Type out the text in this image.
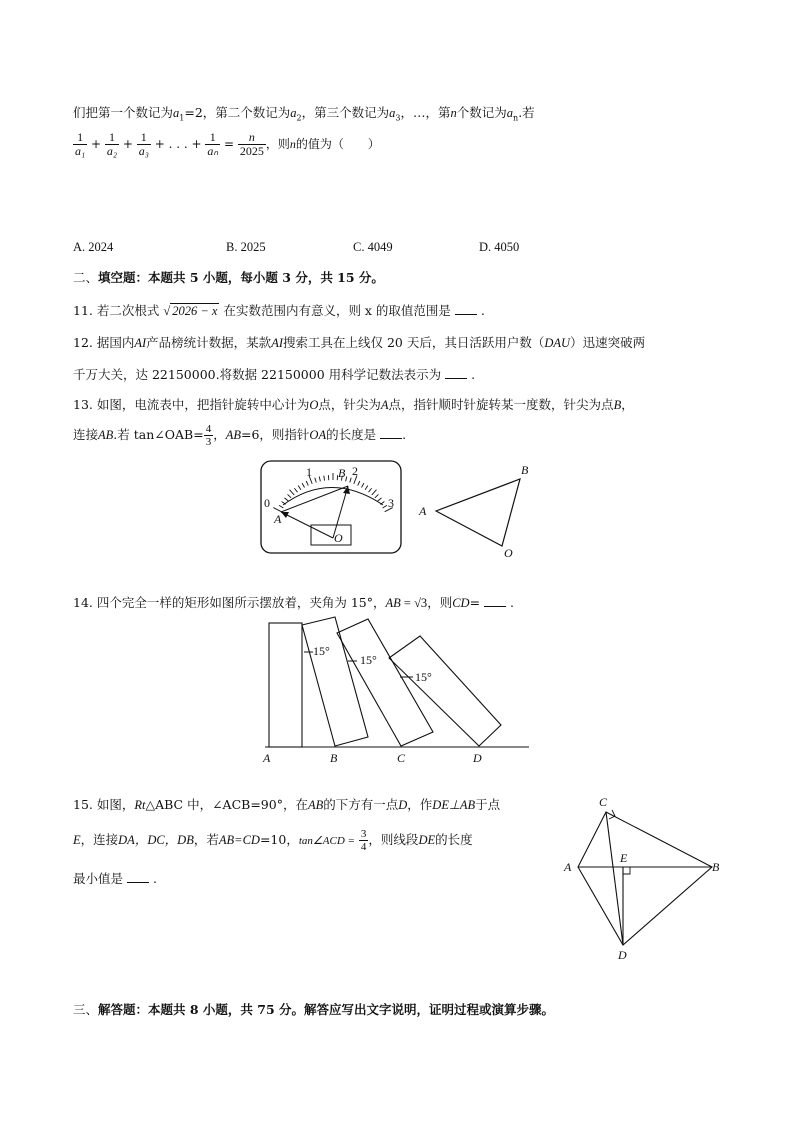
们把第一个数记为$a_1=2$，第二个数记为$a_2$，第三个数记为$a_3$，…，第n个数记为$a_n$.若
$\frac{1}{\text{a₁}} + \frac{1}{\text{a₂}} + \frac{1}{\text{a₃}}$ + . . . + $\frac{1}{\text{aₙ}} = \frac{n}{2025}$ ，则n的值为（　　）
A. 2024	B. 2025	C. 4049	D. 4050
二、填空题：本题共 5 小题，每小题 3 分，共 15 分。
11. 若二次根式 √ 2026 − x 在实数范围内有意义，则 x 的取值范围是 .
12. 据国内AI产品榜统计数据，某款AI搜索工具在上线仅 20 天后，其日活跃用户数（DAU）迅速突破两
千万大关，达 22150000.将数据 22150000 用科学记数法表示为 .
13. 如图，电流表中，把指针旋转中心计为O点，针尖为A点，指针顺时针旋转某一度数，针尖为点B，
连接AB.若 tan∠OAB= $\frac{4}{3}$ ，AB=6，则指针OA的长度是 .
0
1	2
3
A
B
O
A
B
O
14. 四个完全一样的矩形如图所示摆放着，夹角为 15°，AB = √3，则CD= .
15°
15°
15°
A	B	C	D
15. 如图，Rt△ABC 中，∠ACB=90°，在AB的下方有一点D，作DE⊥AB于点
E，连接DA，DC，DB，若AB=CD=10，tan∠ACD = $\frac{3}{4}$ ，则线段DE的长度
最小值是 .
C
A	B
E
D
三、解答题：本题共 8 小题，共 75 分。解答应写出文字说明，证明过程或演算步骤。
